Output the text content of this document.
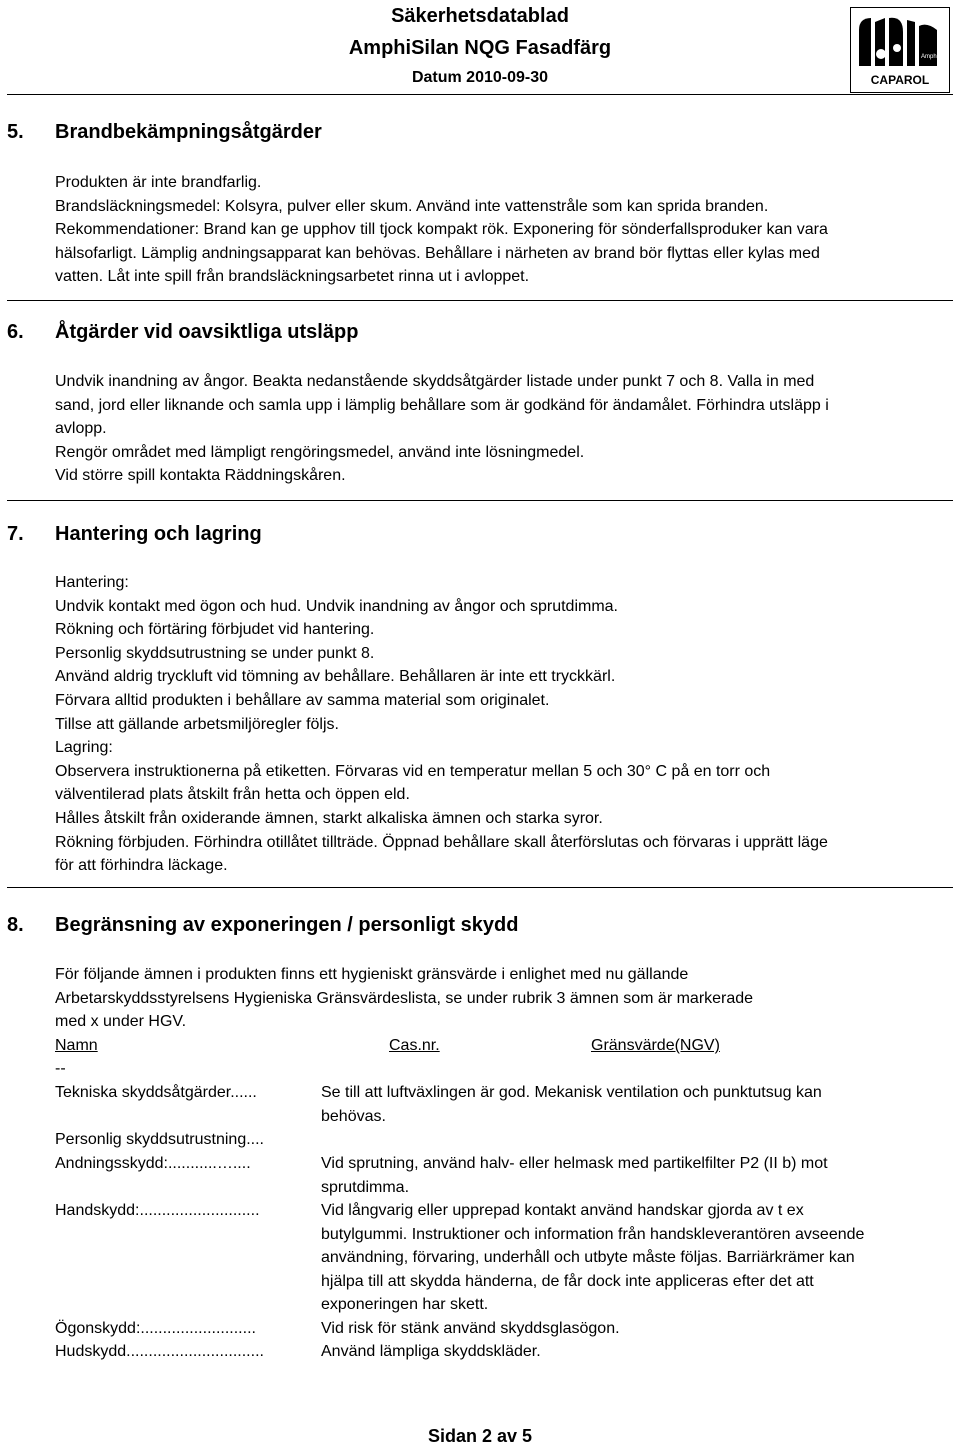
Säkerhetsdatablad
AmphiSilan NQG Fasadfärg
Datum 2010-09-30
AmphiSilan
CAPAROL
5. Brandbekämpningsåtgärder
Produkten är inte brandfarlig.
Brandsläckningsmedel: Kolsyra, pulver eller skum. Använd inte vattenstråle som kan sprida branden.
Rekommendationer: Brand kan ge upphov till tjock kompakt rök. Exponering för sönderfallsproduker kan vara
hälsofarligt. Lämplig andningsapparat kan behövas. Behållare i närheten av brand bör flyttas eller kylas med
vatten. Låt inte spill från brandsläckningsarbetet rinna ut i avloppet.
6. Åtgärder vid oavsiktliga utsläpp
Undvik inandning av ångor. Beakta nedanstående skyddsåtgärder listade under punkt 7 och 8. Valla in med
sand, jord eller liknande och samla upp i lämplig behållare som är godkänd för ändamålet. Förhindra utsläpp i
avlopp.
Rengör området med lämpligt rengöringsmedel, använd inte lösningmedel.
Vid större spill kontakta Räddningskåren.
7. Hantering och lagring
Hantering:
Undvik kontakt med ögon och hud. Undvik inandning av ångor och sprutdimma.
Rökning och förtäring förbjudet vid hantering.
Personlig skyddsutrustning se under punkt 8.
Använd aldrig tryckluft vid tömning av behållare. Behållaren är inte ett tryckkärl.
Förvara alltid produkten i behållare av samma material som originalet.
Tillse att gällande arbetsmiljöregler följs.
Lagring:
Observera instruktionerna på etiketten. Förvaras vid en temperatur mellan 5 och 30° C på en torr och
välventilerad plats åtskilt från hetta och öppen eld.
Hålles åtskilt från oxiderande ämnen, starkt alkaliska ämnen och starka syror.
Rökning förbjuden. Förhindra otillåtet tillträde. Öppnad behållare skall återförslutas och förvaras i upprätt läge
för att förhindra läckage.
8. Begränsning av exponeringen / personligt skydd
För följande ämnen i produkten finns ett hygieniskt gränsvärde i enlighet med nu gällande
Arbetarskyddsstyrelsens Hygieniska Gränsvärdeslista, se under rubrik 3 ämnen som är markerade
med x under HGV.
Namn	Cas.nr.	Gränsvärde(NGV)
--
Tekniska skyddsåtgärder......	Se till att luftväxlingen är god. Mekanisk ventilation och punktutsug kan
behövas.
Personlig skyddsutrustning....
Andningsskydd:...........…....	Vid sprutning, använd halv- eller helmask med partikelfilter P2 (II b) mot
sprutdimma.
Handskydd:...........................	Vid långvarig eller upprepad kontakt använd handskar gjorda av t ex
butylgummi. Instruktioner och information från handskleverantören avseende
användning, förvaring, underhåll och utbyte måste följas. Barriärkrämer kan
hjälpa till att skydda händerna, de får dock inte appliceras efter det att
exponeringen har skett.
Ögonskydd:..........................	Vid risk för stänk använd skyddsglasögon.
Hudskydd...............................	Använd lämpliga skyddskläder.
Sidan 2 av 5
